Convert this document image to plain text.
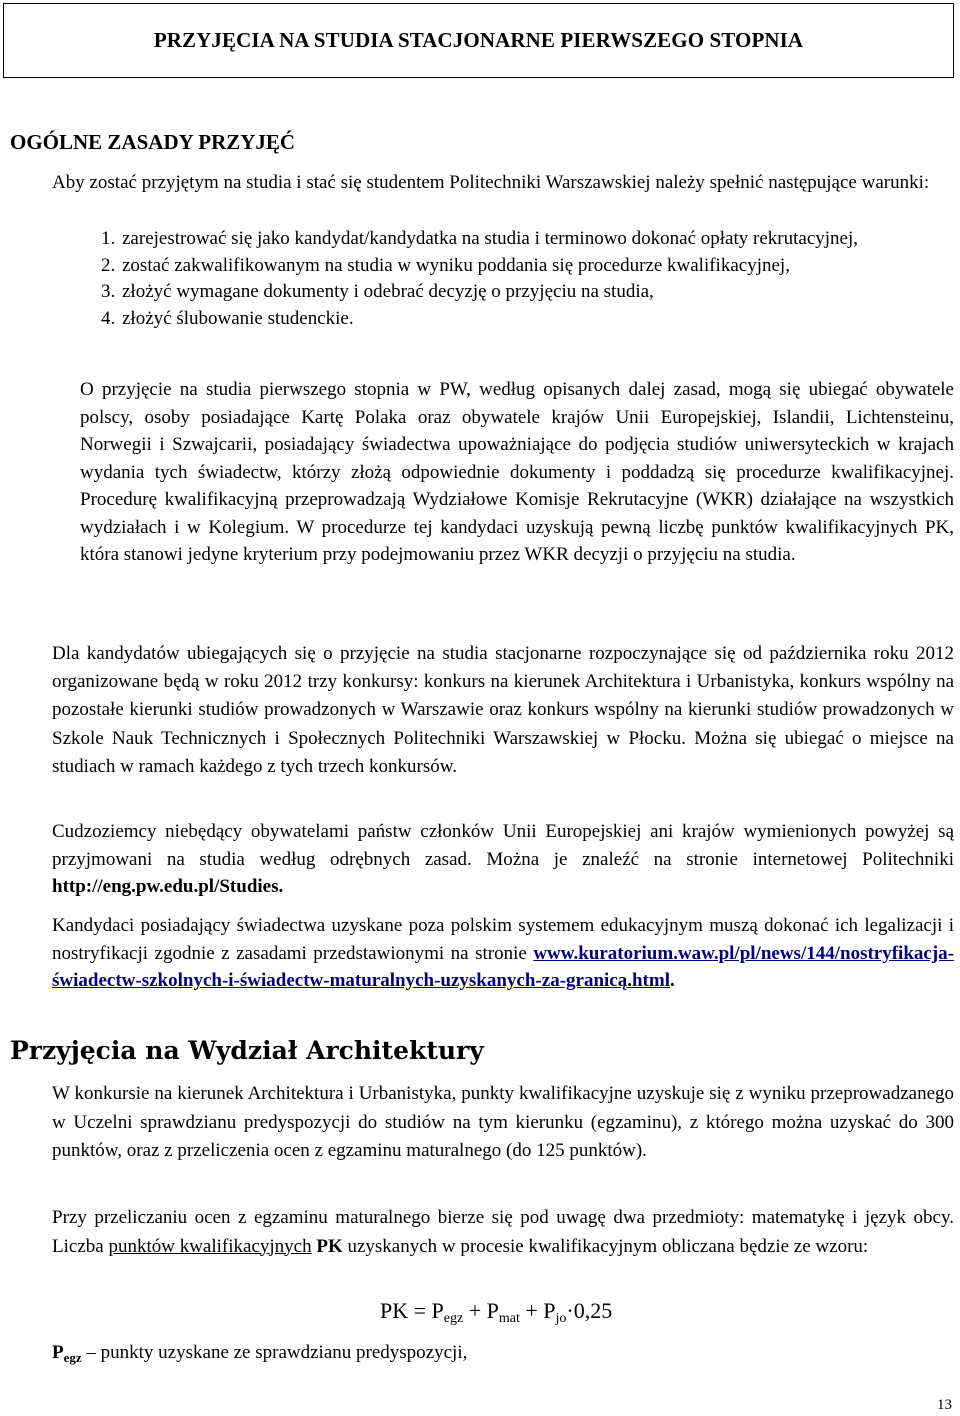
PRZYJĘCIA NA STUDIA STACJONARNE PIERWSZEGO STOPNIA
OGÓLNE ZASADY PRZYJĘĆ

Aby zostać przyjętym na studia i stać się studentem Politechniki Warszawskiej należy spełnić następujące warunki:

1. zarejestrować się jako kandydat/kandydatka na studia i terminowo dokonać opłaty rekrutacyjnej,
2. zostać zakwalifikowanym na studia w wyniku poddania się procedurze kwalifikacyjnej,
3. złożyć wymagane dokumenty i odebrać decyzję o przyjęciu na studia,
4. złożyć ślubowanie studenckie.

O przyjęcie na studia pierwszego stopnia w PW, według opisanych dalej zasad, mogą się ubiegać obywatele polscy, osoby posiadające Kartę Polaka oraz obywatele krajów Unii Europejskiej, Islandii, Lichtensteinu, Norwegii i Szwajcarii, posiadający świadectwa upoważniające do podjęcia studiów uniwersyteckich w krajach wydania tych świadectw, którzy złożą odpowiednie dokumenty i poddadzą się procedurze kwalifikacyjnej. Procedurę kwalifikacyjną przeprowadzają Wydziałowe Komisje Rekrutacyjne (WKR) działające na wszystkich wydziałach i w Kolegium. W procedurze tej kandydaci uzyskują pewną liczbę punktów kwalifikacyjnych PK, która stanowi jedyne kryterium przy podejmowaniu przez WKR decyzji o przyjęciu na studia.

Dla kandydatów ubiegających się o przyjęcie na studia stacjonarne rozpoczynające się od października roku 2012 organizowane będą w roku 2012 trzy konkursy: konkurs na kierunek Architektura i Urbanistyka, konkurs wspólny na pozostałe kierunki studiów prowadzonych w Warszawie oraz konkurs wspólny na kierunki studiów prowadzonych w Szkole Nauk Technicznych i Społecznych Politechniki Warszawskiej w Płocku. Można się ubiegać o miejsce na studiach w ramach każdego z tych trzech konkursów.

Cudzoziemcy niebędący obywatelami państw członków Unii Europejskiej ani krajów wymienionych powyżej są przyjmowani na studia według odrębnych zasad. Można je znaleźć na stronie internetowej Politechniki http://eng.pw.edu.pl/Studies.

Kandydaci posiadający świadectwa uzyskane poza polskim systemem edukacyjnym muszą dokonać ich legalizacji i nostryfikacji zgodnie z zasadami przedstawionymi na stronie www.kuratorium.waw.pl/pl/news/144/nostryfikacja-świadectw-szkolnych-i-świadectw-maturalnych-uzyskanych-za-granicą.html.

Przyjęcia na Wydział Architektury

W konkursie na kierunek Architektura i Urbanistyka, punkty kwalifikacyjne uzyskuje się z wyniku przeprowadzanego w Uczelni sprawdzianu predyspozycji do studiów na tym kierunku (egzaminu), z którego można uzyskać do 300 punktów, oraz z przeliczenia ocen z egzaminu maturalnego (do 125 punktów).

Przy przeliczaniu ocen z egzaminu maturalnego bierze się pod uwagę dwa przedmioty: matematykę i język obcy. Liczba punktów kwalifikacyjnych PK uzyskanych w procesie kwalifikacyjnym obliczana będzie ze wzoru:

PK = $P_{egz} + P_{mat} + P_{jo}\cdot 0,25$
$P_{egz}$ – punkty uzyskane ze sprawdzianu predyspozycji,
13
